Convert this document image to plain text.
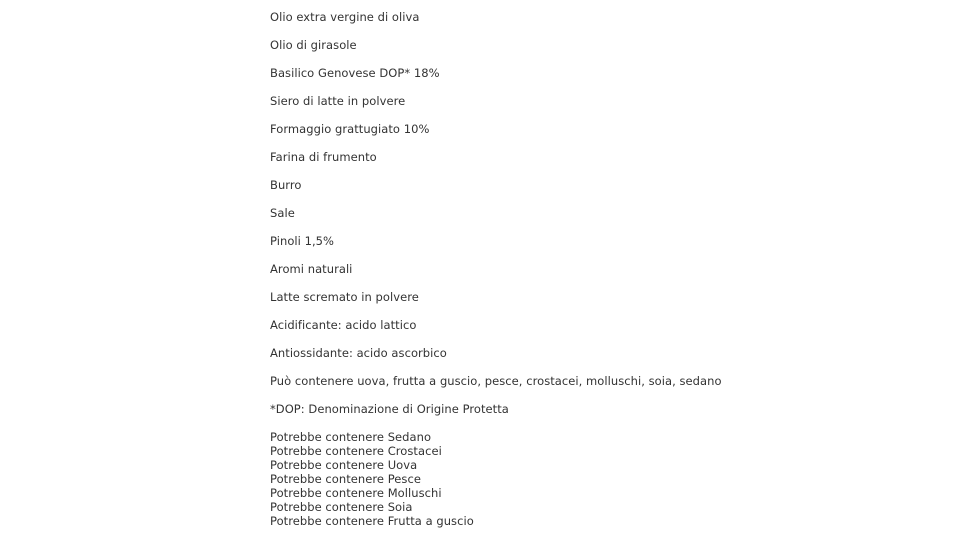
Olio extra vergine di oliva
Olio di girasole
Basilico Genovese DOP* 18%
Siero di latte in polvere
Formaggio grattugiato 10%
Farina di frumento
Burro
Sale
Pinoli 1,5%
Aromi naturali
Latte scremato in polvere
Acidificante: acido lattico
Antiossidante: acido ascorbico
Può contenere uova, frutta a guscio, pesce, crostacei, molluschi, soia, sedano
*DOP: Denominazione di Origine Protetta
Potrebbe contenere Sedano
Potrebbe contenere Crostacei
Potrebbe contenere Uova
Potrebbe contenere Pesce
Potrebbe contenere Molluschi
Potrebbe contenere Soia
Potrebbe contenere Frutta a guscio
